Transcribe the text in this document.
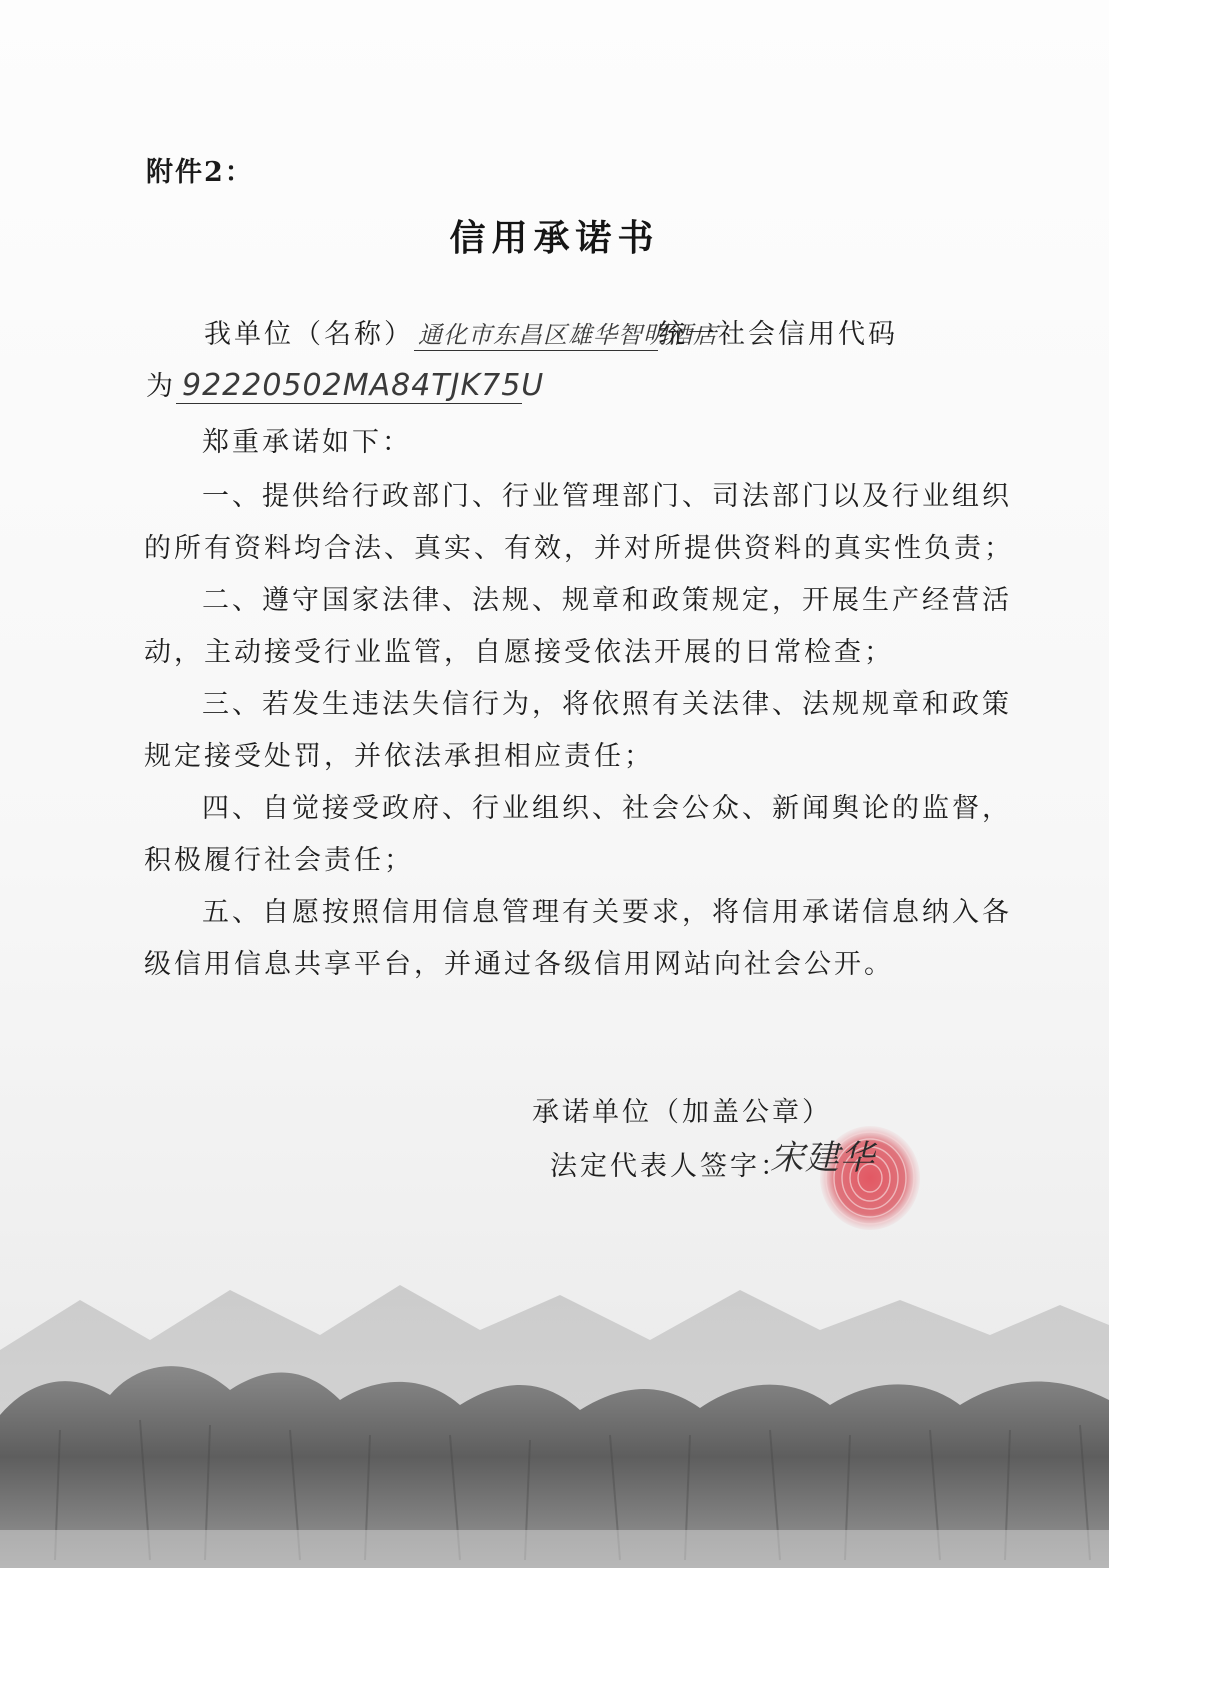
附件2：
信用承诺书
我单位（名称） 通化市东昌区雄华智明酒店统一社会信用代码
为 92220502MA84TJK75U
郑重承诺如下：
一、提供给行政部门、行业管理部门、司法部门以及行业组织
的所有资料均合法、真实、有效，并对所提供资料的真实性负责；
二、遵守国家法律、法规、规章和政策规定，开展生产经营活
动，主动接受行业监管，自愿接受依法开展的日常检查；
三、若发生违法失信行为，将依照有关法律、法规规章和政策
规定接受处罚，并依法承担相应责任；
四、自觉接受政府、行业组织、社会公众、新闻舆论的监督，
积极履行社会责任；
五、自愿按照信用信息管理有关要求，将信用承诺信息纳入各
级信用信息共享平台，并通过各级信用网站向社会公开。
承诺单位（加盖公章）
法定代表人签字：
宋建华
